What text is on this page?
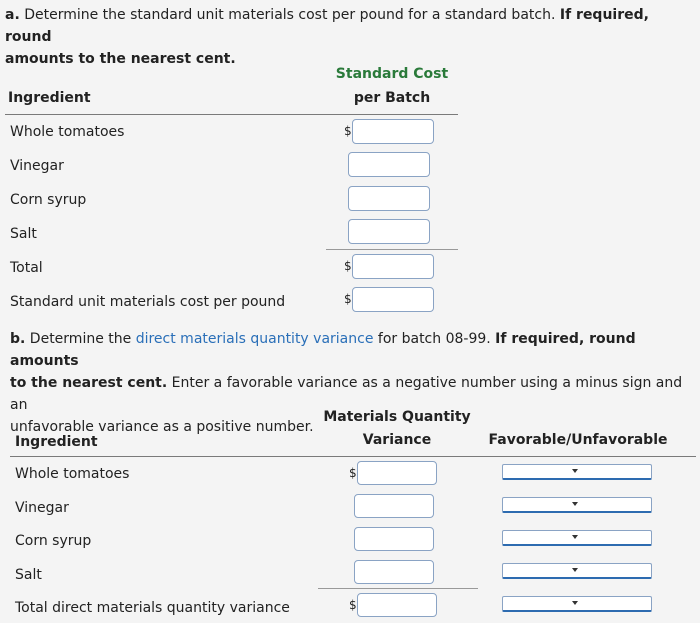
a. Determine the standard unit materials cost per pound for a standard batch. If required, round
amounts to the nearest cent.
Standard Cost
per Batch
Ingredient
Whole tomatoes
Vinegar
Corn syrup
Salt
Total
Standard unit materials cost per pound
$
$
$
b. Determine the direct materials quantity variance for batch 08-99. If required, round amounts
to the nearest cent. Enter a favorable variance as a negative number using a minus sign and an
unfavorable variance as a positive number.
Materials Quantity
Variance
Ingredient	Favorable/Unfavorable
Whole tomatoes
Vinegar
Corn syrup
Salt
Total direct materials quantity variance
$
$
